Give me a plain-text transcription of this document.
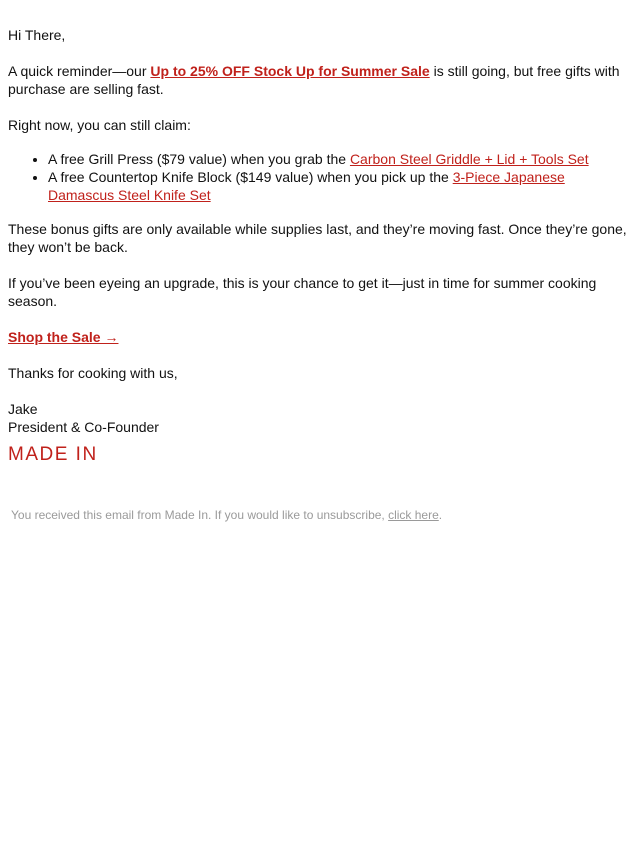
Hi There,

A quick reminder—our Up to 25% OFF Stock Up for Summer Sale is still going, but free gifts with purchase are selling fast.

Right now, you can still claim:

• A free Grill Press ($79 value) when you grab the Carbon Steel Griddle + Lid + Tools Set
• A free Countertop Knife Block ($149 value) when you pick up the 3-Piece Japanese Damascus Steel Knife Set

These bonus gifts are only available while supplies last, and they’re moving fast. Once they’re gone, they won’t be back.

If you’ve been eyeing an upgrade, this is your chance to get it—just in time for summer cooking season.

Shop the Sale →

Thanks for cooking with us,

Jake
President & Co-Founder
MADE IN
You received this email from Made In. If you would like to unsubscribe, click here.
